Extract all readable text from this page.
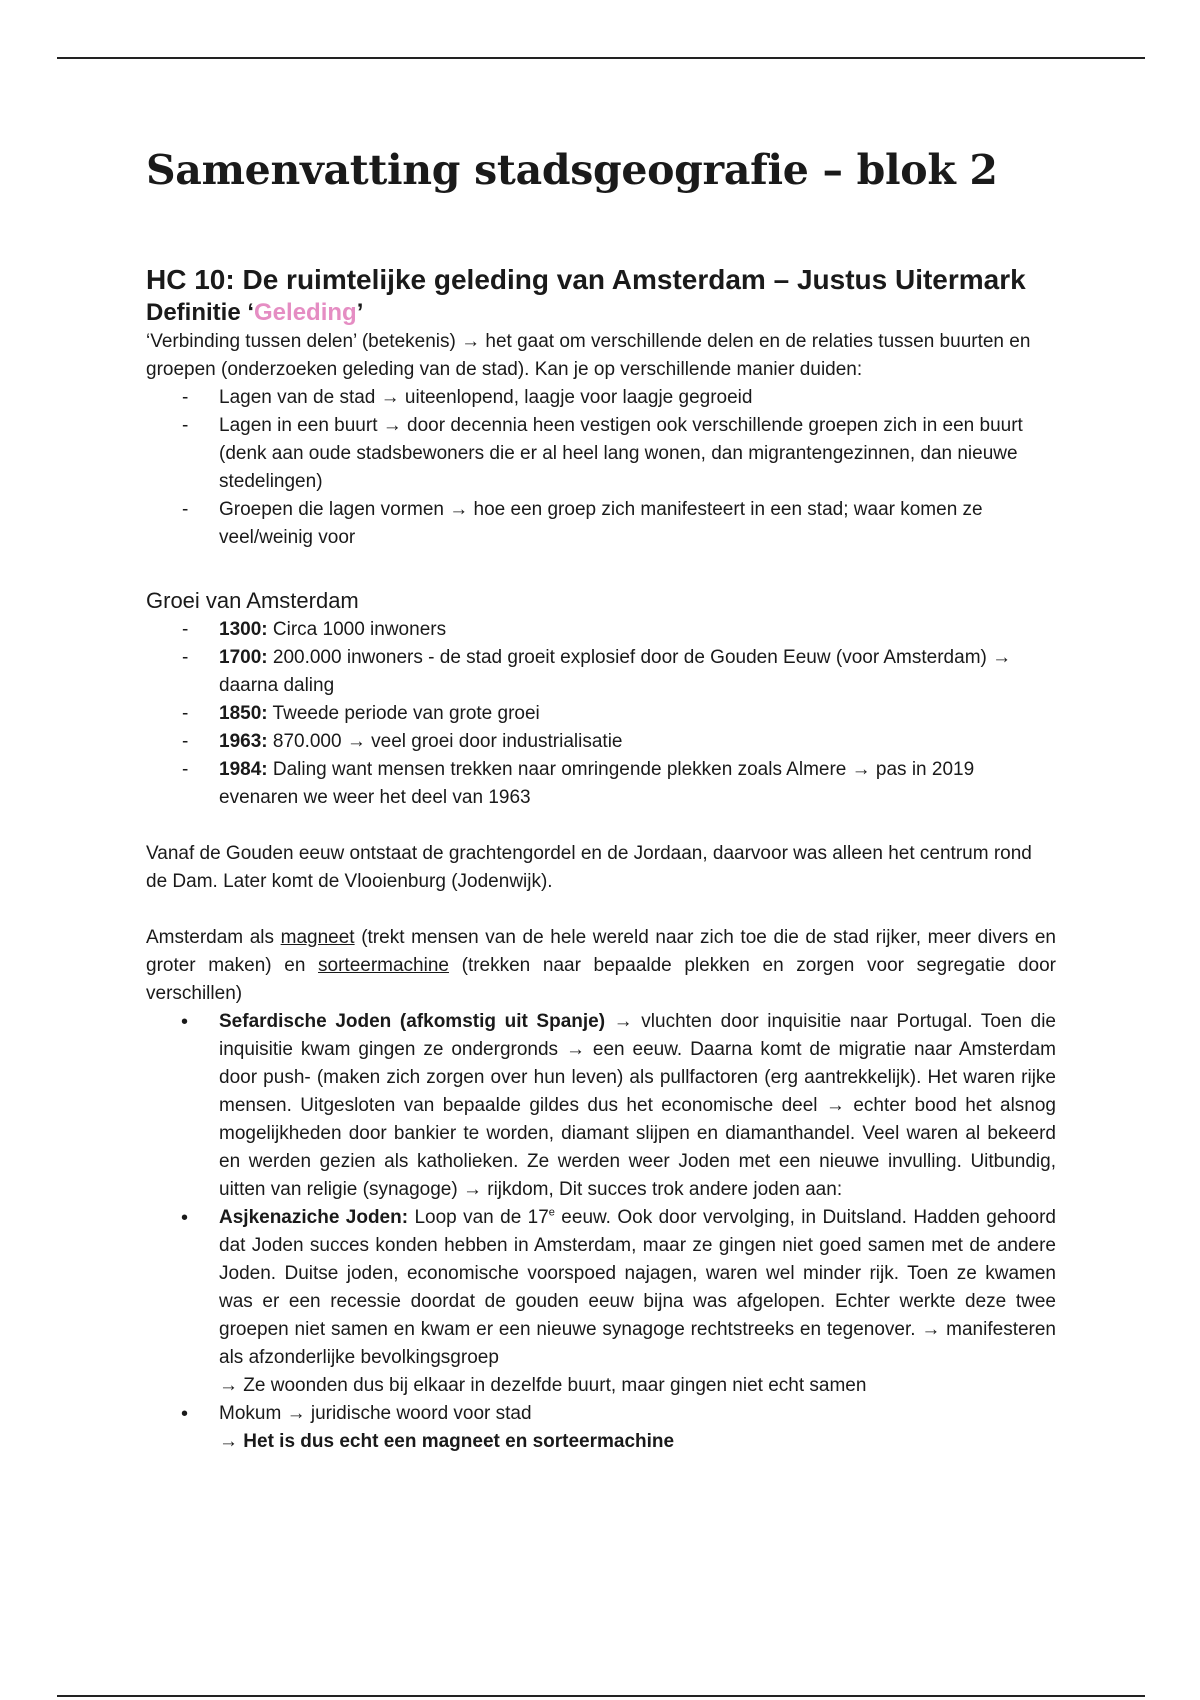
Samenvatting stadsgeografie – blok 2
HC 10: De ruimtelijke geleding van Amsterdam – Justus Uitermark
Definitie ‘Geleding’

‘Verbinding tussen delen’ (betekenis) → het gaat om verschillende delen en de relaties tussen buurten en groepen (onderzoeken geleding van de stad). Kan je op verschillende manier duiden:

- Lagen van de stad → uiteenlopend, laagje voor laagje gegroeid
- Lagen in een buurt → door decennia heen vestigen ook verschillende groepen zich in een buurt (denk aan oude stadsbewoners die er al heel lang wonen, dan migrantengezinnen, dan nieuwe stedelingen)
- Groepen die lagen vormen → hoe een groep zich manifesteert in een stad; waar komen ze veel/weinig voor
Groei van Amsterdam
- 1300: Circa 1000 inwoners
- 1700: 200.000 inwoners - de stad groeit explosief door de Gouden Eeuw (voor Amsterdam) → daarna daling
- 1850: Tweede periode van grote groei
- 1963: 870.000 → veel groei door industrialisatie
- 1984: Daling want mensen trekken naar omringende plekken zoals Almere → pas in 2019 evenaren we weer het deel van 1963

Vanaf de Gouden eeuw ontstaat de grachtengordel en de Jordaan, daarvoor was alleen het centrum rond de Dam. Later komt de Vlooienburg (Jodenwijk).

Amsterdam als magneet (trekt mensen van de hele wereld naar zich toe die de stad rijker, meer divers en groter maken) en sorteermachine (trekken naar bepaalde plekken en zorgen voor segregatie door verschillen)

• Sefardische Joden (afkomstig uit Spanje) → vluchten door inquisitie naar Portugal. Toen die inquisitie kwam gingen ze ondergronds → een eeuw. Daarna komt de migratie naar Amsterdam door push- (maken zich zorgen over hun leven) als pullfactoren (erg aantrekkelijk). Het waren rijke mensen. Uitgesloten van bepaalde gildes dus het economische deel → echter bood het alsnog mogelijkheden door bankier te worden, diamant slijpen en diamanthandel. Veel waren al bekeerd en werden gezien als katholieken. Ze werden weer Joden met een nieuwe invulling. Uitbundig, uitten van religie (synagoge) → rijkdom, Dit succes trok andere joden aan:
• Asjkenaziche Joden: Loop van de 17e eeuw. Ook door vervolging, in Duitsland. Hadden gehoord dat Joden succes konden hebben in Amsterdam, maar ze gingen niet goed samen met de andere Joden. Duitse joden, economische voorspoed najagen, waren wel minder rijk. Toen ze kwamen was er een recessie doordat de gouden eeuw bijna was afgelopen. Echter werkte deze twee groepen niet samen en kwam er een nieuwe synagoge rechtstreeks en tegenover. → manifesteren als afzonderlijke bevolkingsgroep
→ Ze woonden dus bij elkaar in dezelfde buurt, maar gingen niet echt samen
• Mokum → juridische woord voor stad
→ Het is dus echt een magneet en sorteermachine
